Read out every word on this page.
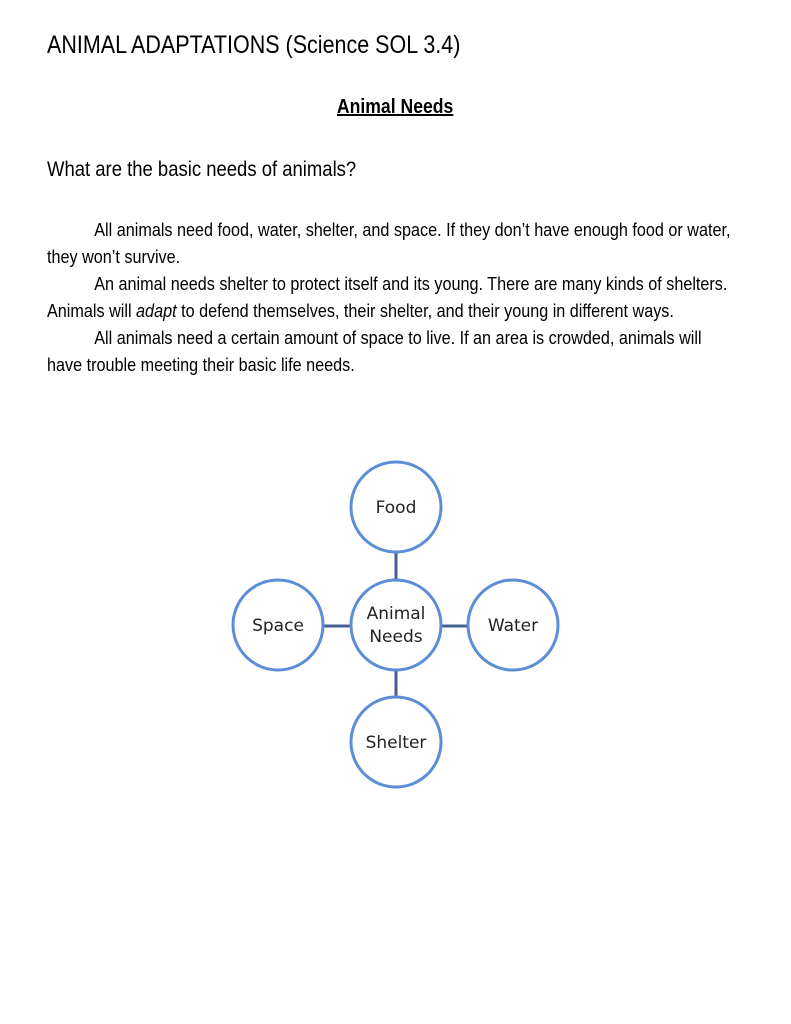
ANIMAL ADAPTATIONS (Science SOL 3.4)
Animal Needs
What are the basic needs of animals?

All animals need food, water, shelter, and space. If they don’t have enough food or water, they won’t survive.

An animal needs shelter to protect itself and its young. There are many kinds of shelters. Animals will adapt to defend themselves, their shelter, and their young in different ways.

All animals need a certain amount of space to live. If an area is crowded, animals will have trouble meeting their basic life needs.

Animal
Needs
Food
Water
Shelter
Space
